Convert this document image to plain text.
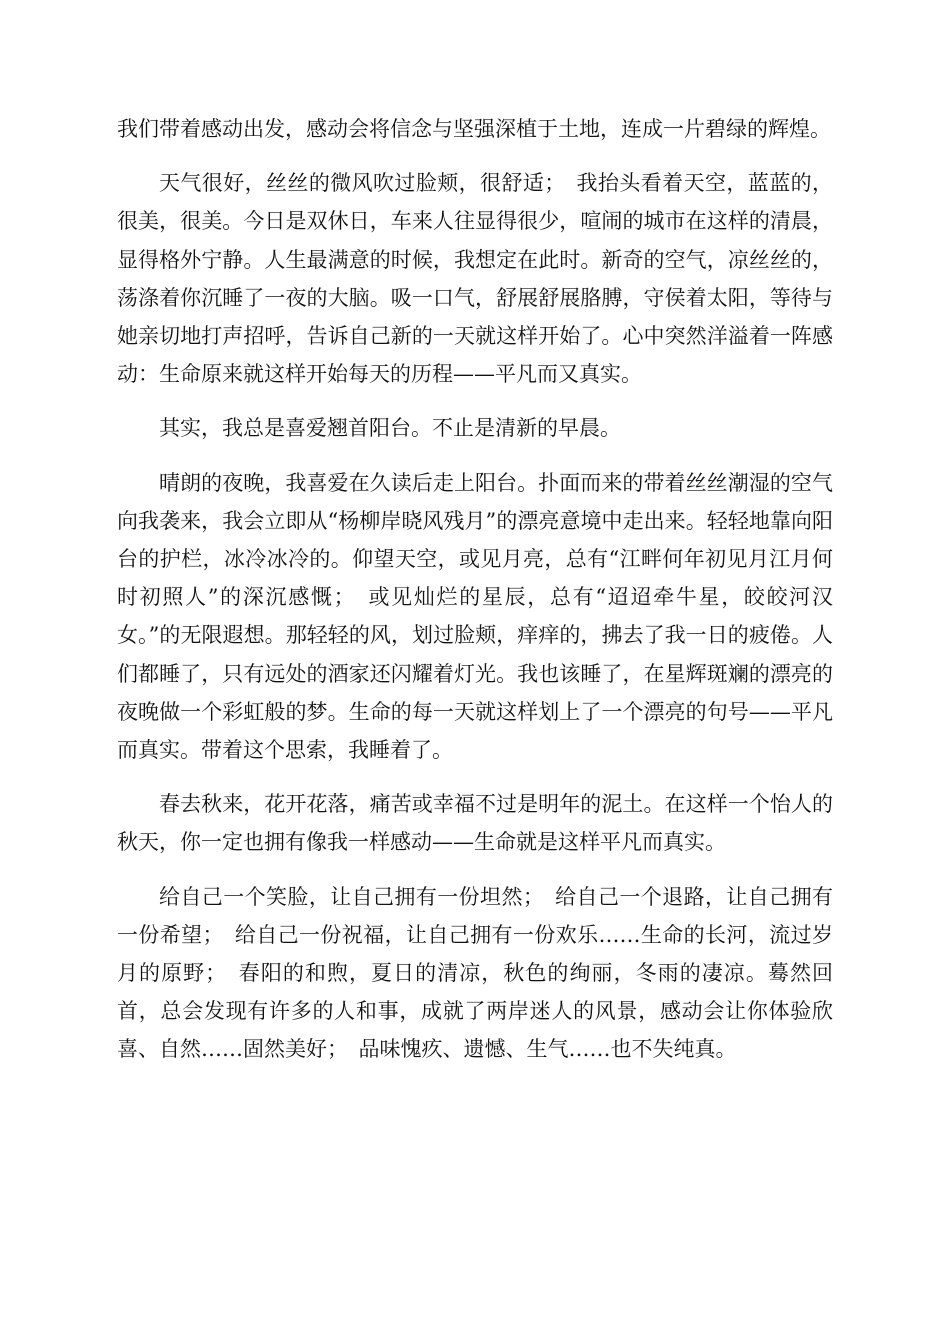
我们带着感动出发，感动会将信念与坚强深植于土地，连成一片碧绿的辉煌。

天气很好，丝丝的微风吹过脸颊，很舒适；　我抬头看着天空，蓝蓝的，很美，很美。今日是双休日，车来人往显得很少，喧闹的城市在这样的清晨，显得格外宁静。人生最满意的时候，我想定在此时。新奇的空气，凉丝丝的，荡涤着你沉睡了一夜的大脑。吸一口气，舒展舒展胳膊，守侯着太阳，等待与她亲切地打声招呼，告诉自己新的一天就这样开始了。心中突然洋溢着一阵感动：生命原来就这样开始每天的历程——平凡而又真实。

其实，我总是喜爱翘首阳台。不止是清新的早晨。

晴朗的夜晚，我喜爱在久读后走上阳台。扑面而来的带着丝丝潮湿的空气向我袭来，我会立即从“杨柳岸晓风残月”的漂亮意境中走出来。轻轻地靠向阳台的护栏，冰冷冰冷的。仰望天空，或见月亮，总有“江畔何年初见月江月何时初照人”的深沉感慨；　或见灿烂的星辰，总有“迢迢牵牛星，皎皎河汉女。”的无限遐想。那轻轻的风，划过脸颊，痒痒的，拂去了我一日的疲倦。人们都睡了，只有远处的酒家还闪耀着灯光。我也该睡了，在星辉斑斓的漂亮的夜晚做一个彩虹般的梦。生命的每一天就这样划上了一个漂亮的句号——平凡而真实。带着这个思索，我睡着了。

春去秋来，花开花落，痛苦或幸福不过是明年的泥土。在这样一个怡人的秋天，你一定也拥有像我一样感动——生命就是这样平凡而真实。

给自己一个笑脸，让自己拥有一份坦然；　给自己一个退路，让自己拥有一份希望；　给自己一份祝福，让自己拥有一份欢乐……生命的长河，流过岁月的原野；　春阳的和煦，夏日的清凉，秋色的绚丽，冬雨的凄凉。蓦然回首，总会发现有许多的人和事，成就了两岸迷人的风景，感动会让你体验欣喜、自然……固然美好；　品味愧疚、遗憾、生气……也不失纯真。
